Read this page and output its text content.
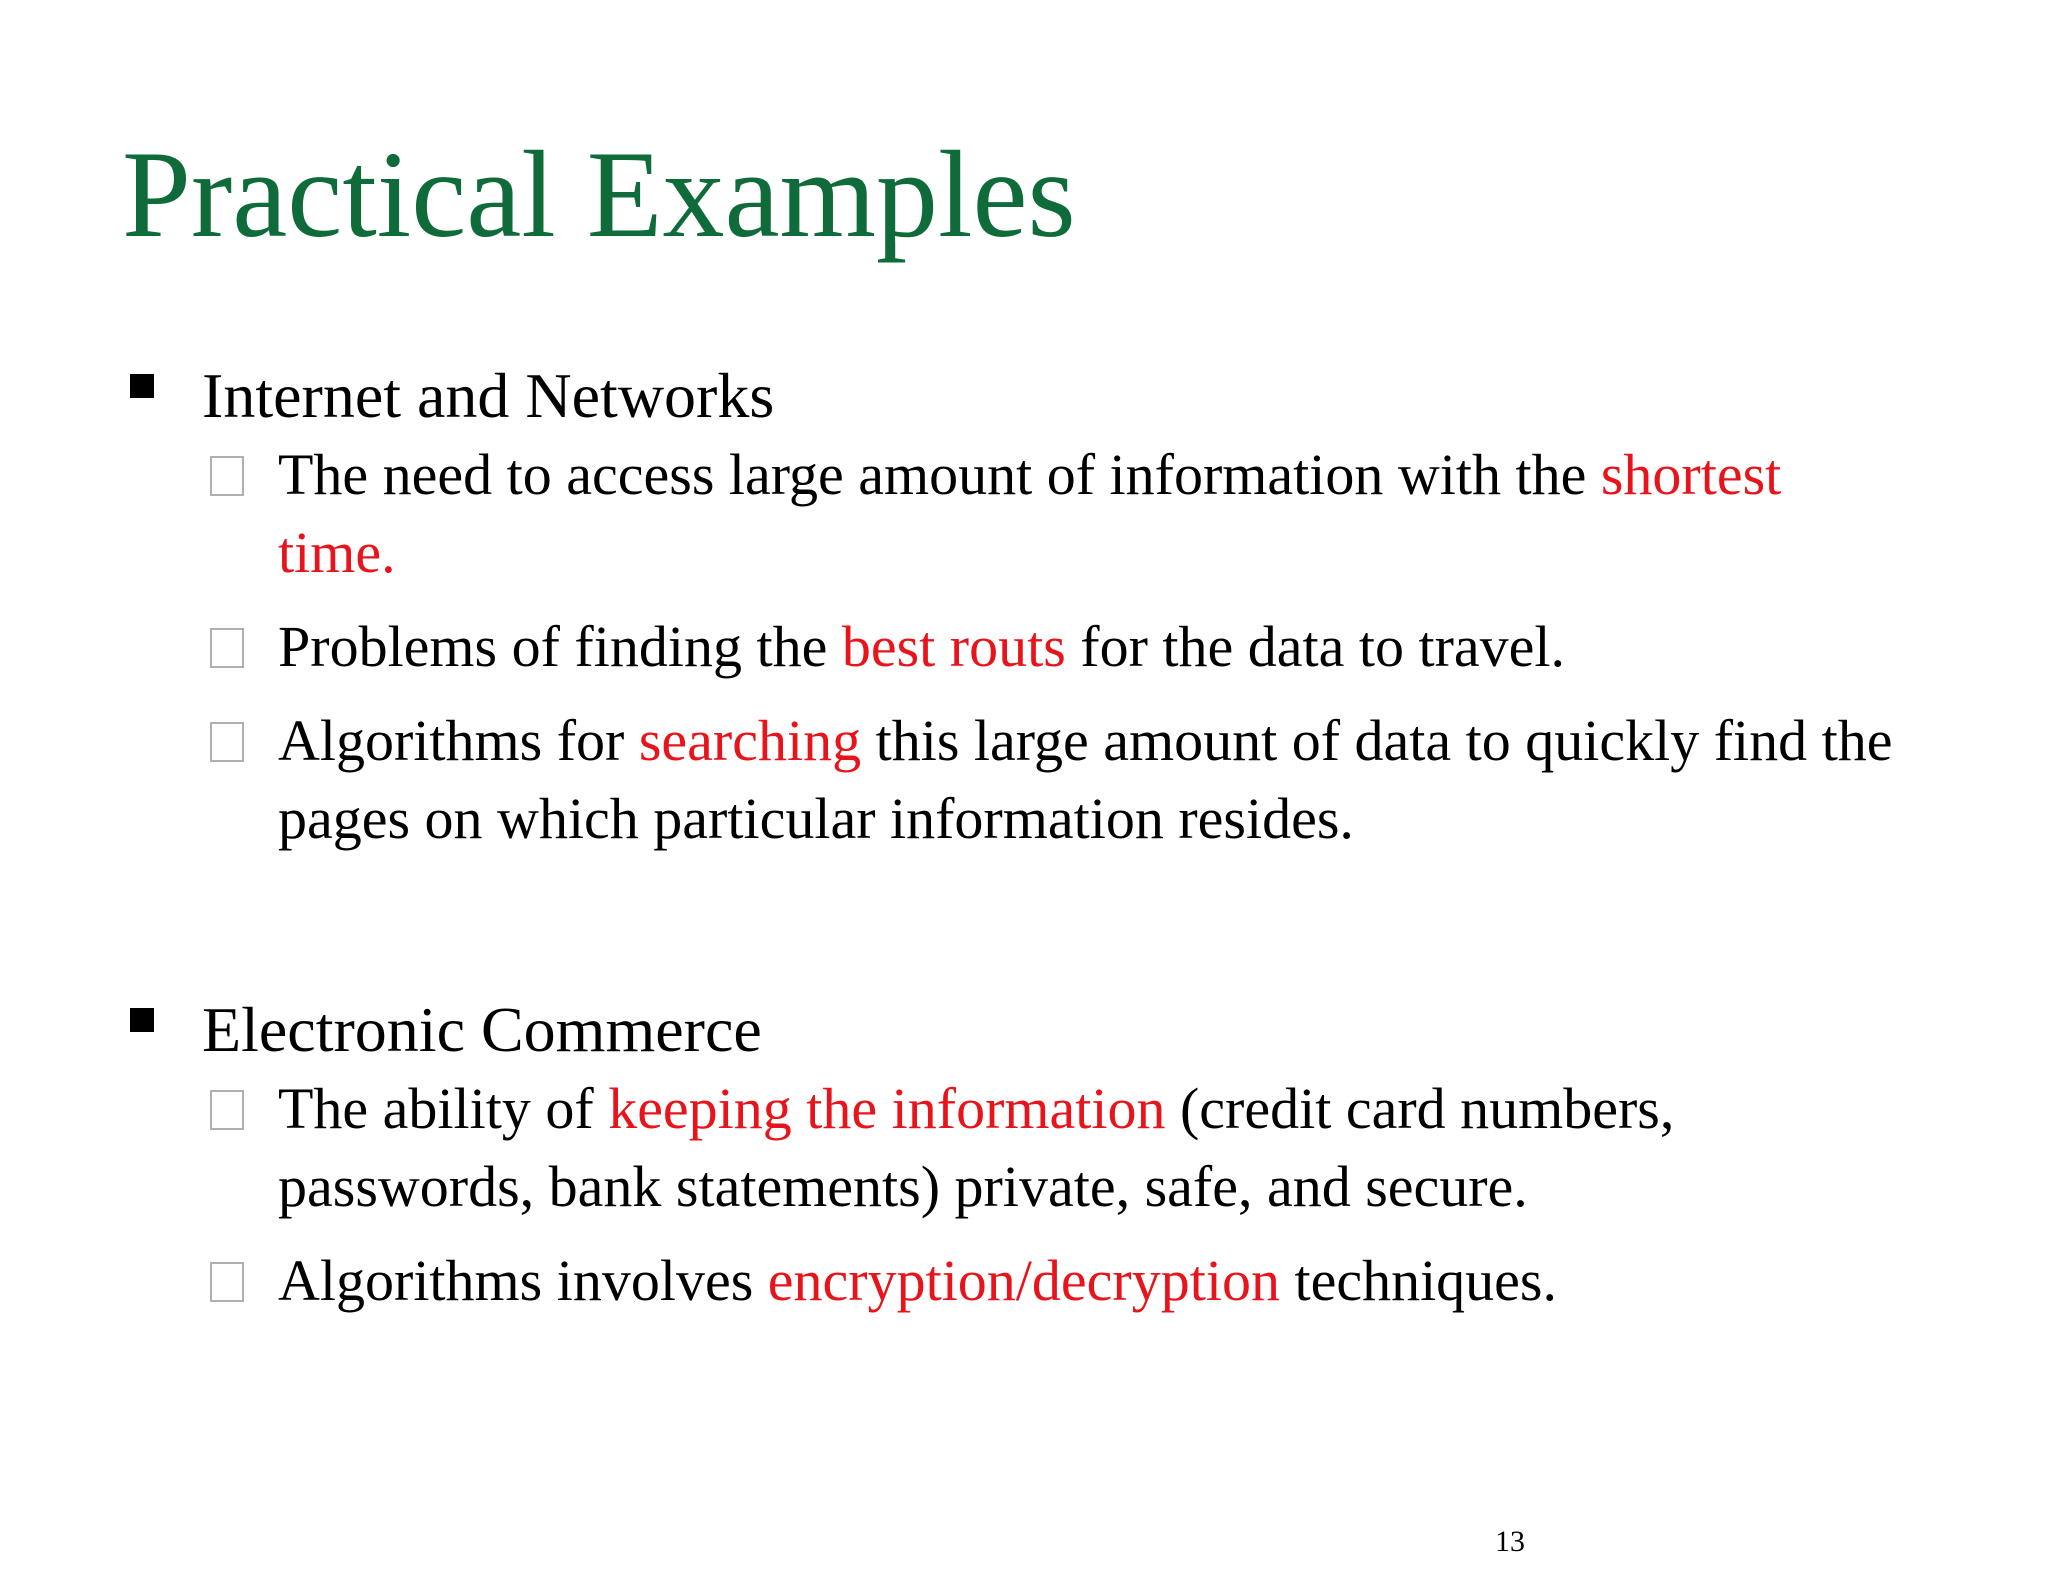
Practical Examples
Internet and Networks
The need to access large amount of information with the shortest time.
Problems of finding the best routs for the data to travel.
Algorithms for searching this large amount of data to quickly find the pages on which particular information resides.
Electronic Commerce
The ability of keeping the information (credit card numbers, passwords, bank statements) private, safe, and secure.
Algorithms involves encryption/decryption techniques.
13
